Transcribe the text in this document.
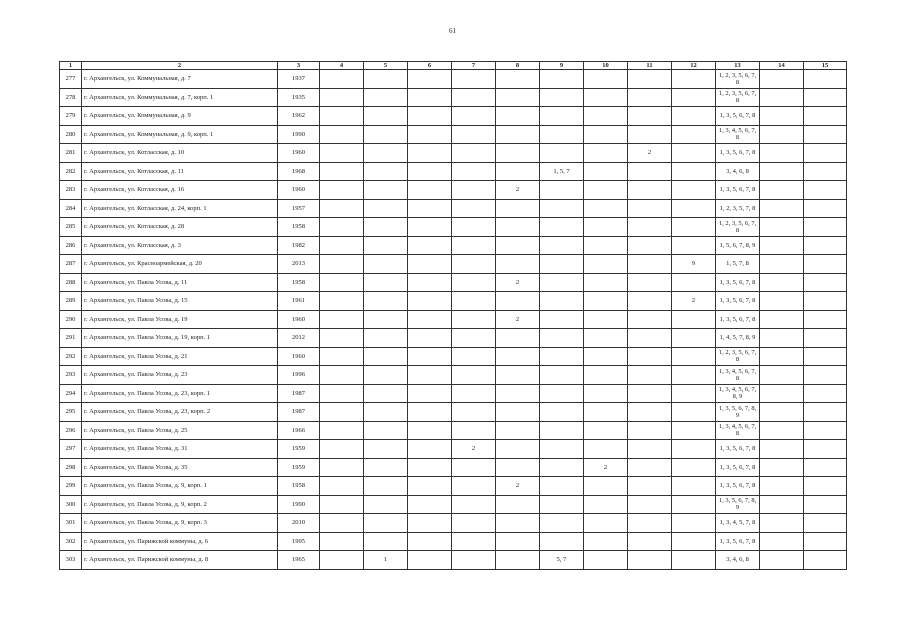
61
1	2	3	4	5	6	7	8	9	10	11	12	13	14	15
277	г. Архангельск, ул. Коммунальная, д. 7	1937										1, 2, 3, 5, 6, 7, 8		
278	г. Архангельск, ул. Коммунальная, д. 7, корп. 1	1935										1, 2, 3, 5, 6, 7, 8		
279	г. Архангельск, ул. Коммунальная, д. 9	1962										1, 3, 5, 6, 7, 8		
280	г. Архангельск, ул. Коммунальная, д. 9, корп. 1	1990										1, 3, 4, 5, 6, 7, 8		
281	г. Архангельск, ул. Котласская, д. 10	1960								2		1, 3, 5, 6, 7, 8		
282	г. Архангельск, ул. Котласская, д. 11	1968						1, 5, 7				3, 4, 6, 8		
283	г. Архангельск, ул. Котласская, д. 16	1960					2					1, 3, 5, 6, 7, 8		
284	г. Архангельск, ул. Котласская, д. 24, корп. 1	1957										1, 2, 3, 5, 7, 8		
285	г. Архангельск, ул. Котласская, д. 28	1958										1, 2, 3, 5, 6, 7, 8		
286	г. Архангельск, ул. Котласская, д. 3	1982										1, 5, 6, 7, 8, 9		
287	г. Архангельск, ул. Красноармейская, д. 20	2013									9	1, 5, 7, 8		
288	г. Архангельск, ул. Павла Усова, д. 11	1958					2					1, 3, 5, 6, 7, 8		
289	г. Архангельск, ул. Павла Усова, д. 15	1961									2	1, 3, 5, 6, 7, 8		
290	г. Архангельск, ул. Павла Усова, д. 19	1960					2					1, 3, 5, 6, 7, 8		
291	г. Архангельск, ул. Павла Усова, д. 19, корп. 1	2012										1, 4, 5, 7, 8, 9		
292	г. Архангельск, ул. Павла Усова, д. 21	1960										1, 2, 3, 5, 6, 7, 8		
293	г. Архангельск, ул. Павла Усова, д. 23	1996										1, 3, 4, 5, 6, 7, 8		
294	г. Архангельск, ул. Павла Усова, д. 23, корп. 1	1987										1, 3, 4, 5, 6, 7, 8, 9		
295	г. Архангельск, ул. Павла Усова, д. 23, корп. 2	1987										1, 3, 5, 6, 7, 8, 9		
296	г. Архангельск, ул. Павла Усова, д. 25	1966										1, 3, 4, 5, 6, 7, 8		
297	г. Архангельск, ул. Павла Усова, д. 31	1959				2						1, 3, 5, 6, 7, 8		
298	г. Архангельск, ул. Павла Усова, д. 35	1959							2			1, 3, 5, 6, 7, 8		
299	г. Архангельск, ул. Павла Усова, д. 9, корп. 1	1958					2					1, 3, 5, 6, 7, 8		
300	г. Архангельск, ул. Павла Усова, д. 9, корп. 2	1990										1, 3, 5, 6, 7, 8, 9		
301	г. Архангельск, ул. Павла Усова, д. 9, корп. 3	2010										1, 3, 4, 5, 7, 8		
302	г. Архангельск, ул. Парижской коммуны, д. 6	1995										1, 3, 5, 6, 7, 8		
303	г. Архангельск, ул. Парижской коммуны, д. 8	1965		1				5, 7				3, 4, 6, 8		
